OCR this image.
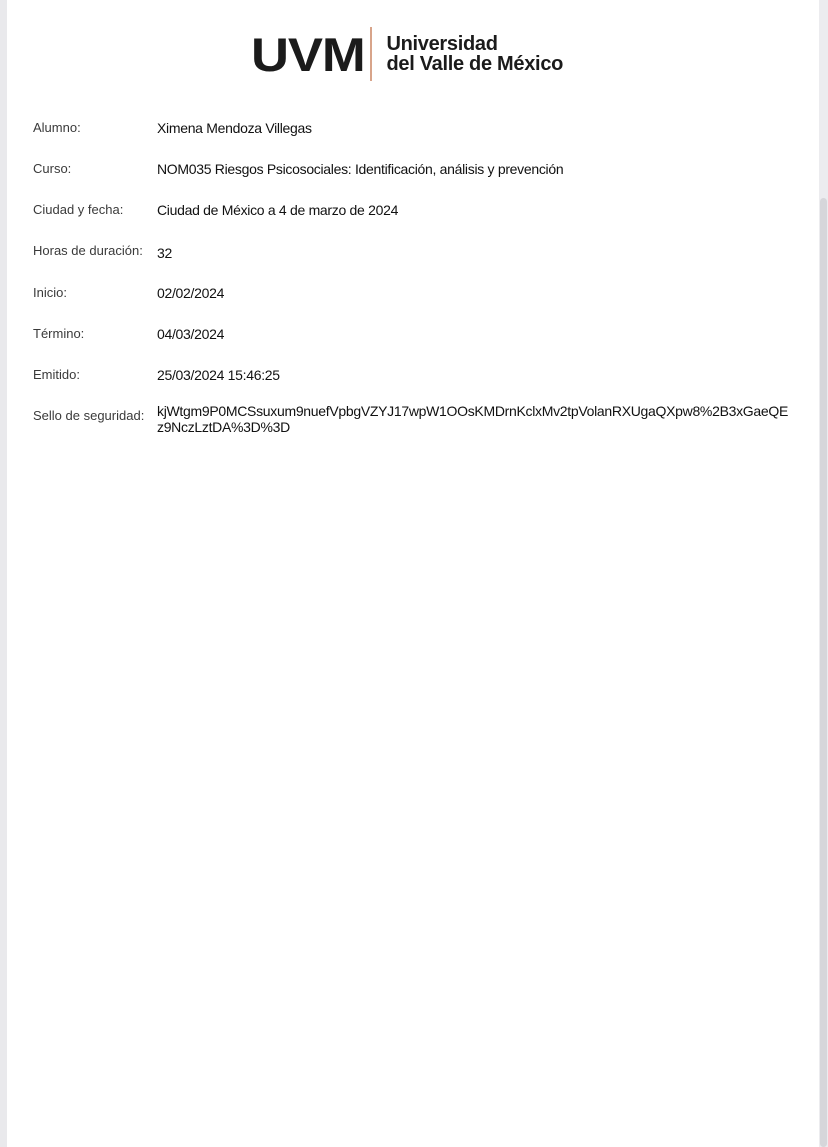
UVM Universidad
del Valle de México
Alumno:	Ximena Mendoza Villegas
Curso:	NOM035 Riesgos Psicosociales: Identificación, análisis y prevención
Ciudad y fecha:	Ciudad de México a 4 de marzo de 2024
Horas de duración:	32
Inicio:	02/02/2024
Término:	04/03/2024
Emitido:	25/03/2024 15:46:25
Sello de seguridad: kjWtgm9P0MCSsuxum9nuefVpbgVZYJ17wpW1OOsKMDrnKclxMv2tpVolanRXUgaQXpw8%2B3xGaeQEz9NczLztDA%3D%3D
